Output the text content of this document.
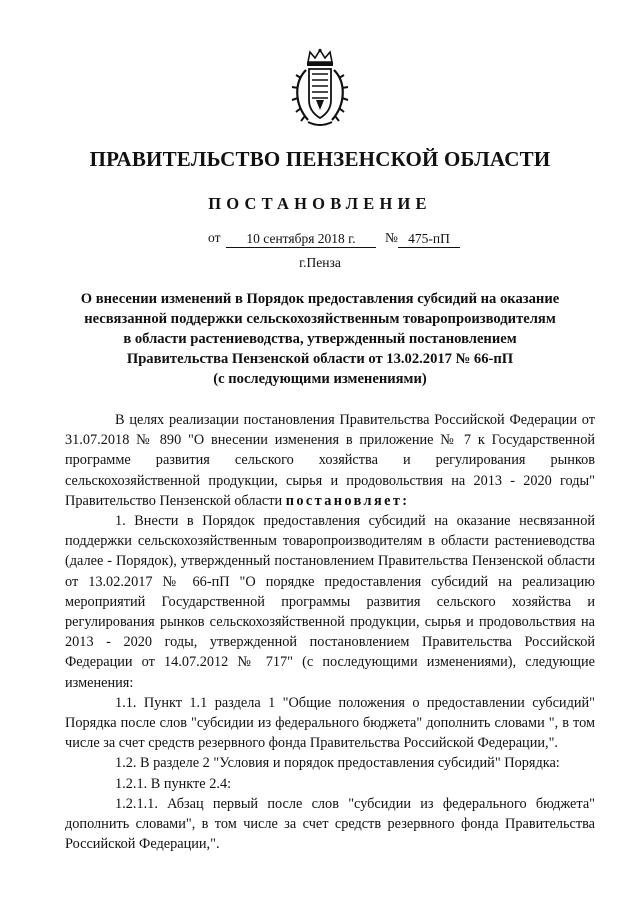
ПРАВИТЕЛЬСТВО ПЕНЗЕНСКОЙ ОБЛАСТИ
ПОСТАНОВЛЕНИЕ
от	10 сентября 2018 г.	№ 475-пП
г.Пенза
О внесении изменений в Порядок предоставления субсидий на оказание
несвязанной поддержки сельскохозяйственным товаропроизводителям
в области растениеводства, утвержденный постановлением
Правительства Пензенской области от 13.02.2017 № 66-пП
(с последующими изменениями)

В целях реализации постановления Правительства Российской Федерации от 31.07.2018 № 890 "О внесении изменения в приложение № 7 к Государственной программе развития сельского хозяйства и регулирования рынков сельскохозяйственной продукции, сырья и продовольствия на 2013 - 2020 годы" Правительство Пензенской области постановляет:

1. Внести в Порядок предоставления субсидий на оказание несвязанной поддержки сельскохозяйственным товаропроизводителям в области растениеводства (далее - Порядок), утвержденный постановлением Правительства Пензенской области от 13.02.2017 № 66-пП "О порядке предоставления субсидий на реализацию мероприятий Государственной программы развития сельского хозяйства и регулирования рынков сельскохозяйственной продукции, сырья и продовольствия на 2013 - 2020 годы, утвержденной постановлением Правительства Российской Федерации от 14.07.2012 № 717" (с последующими изменениями), следующие изменения:

1.1. Пункт 1.1 раздела 1 "Общие положения о предоставлении субсидий" Порядка после слов "субсидии из федерального бюджета" дополнить словами ", в том числе за счет средств резервного фонда Правительства Российской Федерации,".

1.2. В разделе 2 "Условия и порядок предоставления субсидий" Порядка:

1.2.1. В пункте 2.4:

1.2.1.1. Абзац первый после слов "субсидии из федерального бюджета" дополнить словами", в том числе за счет средств резервного фонда Правительства Российской Федерации,".
